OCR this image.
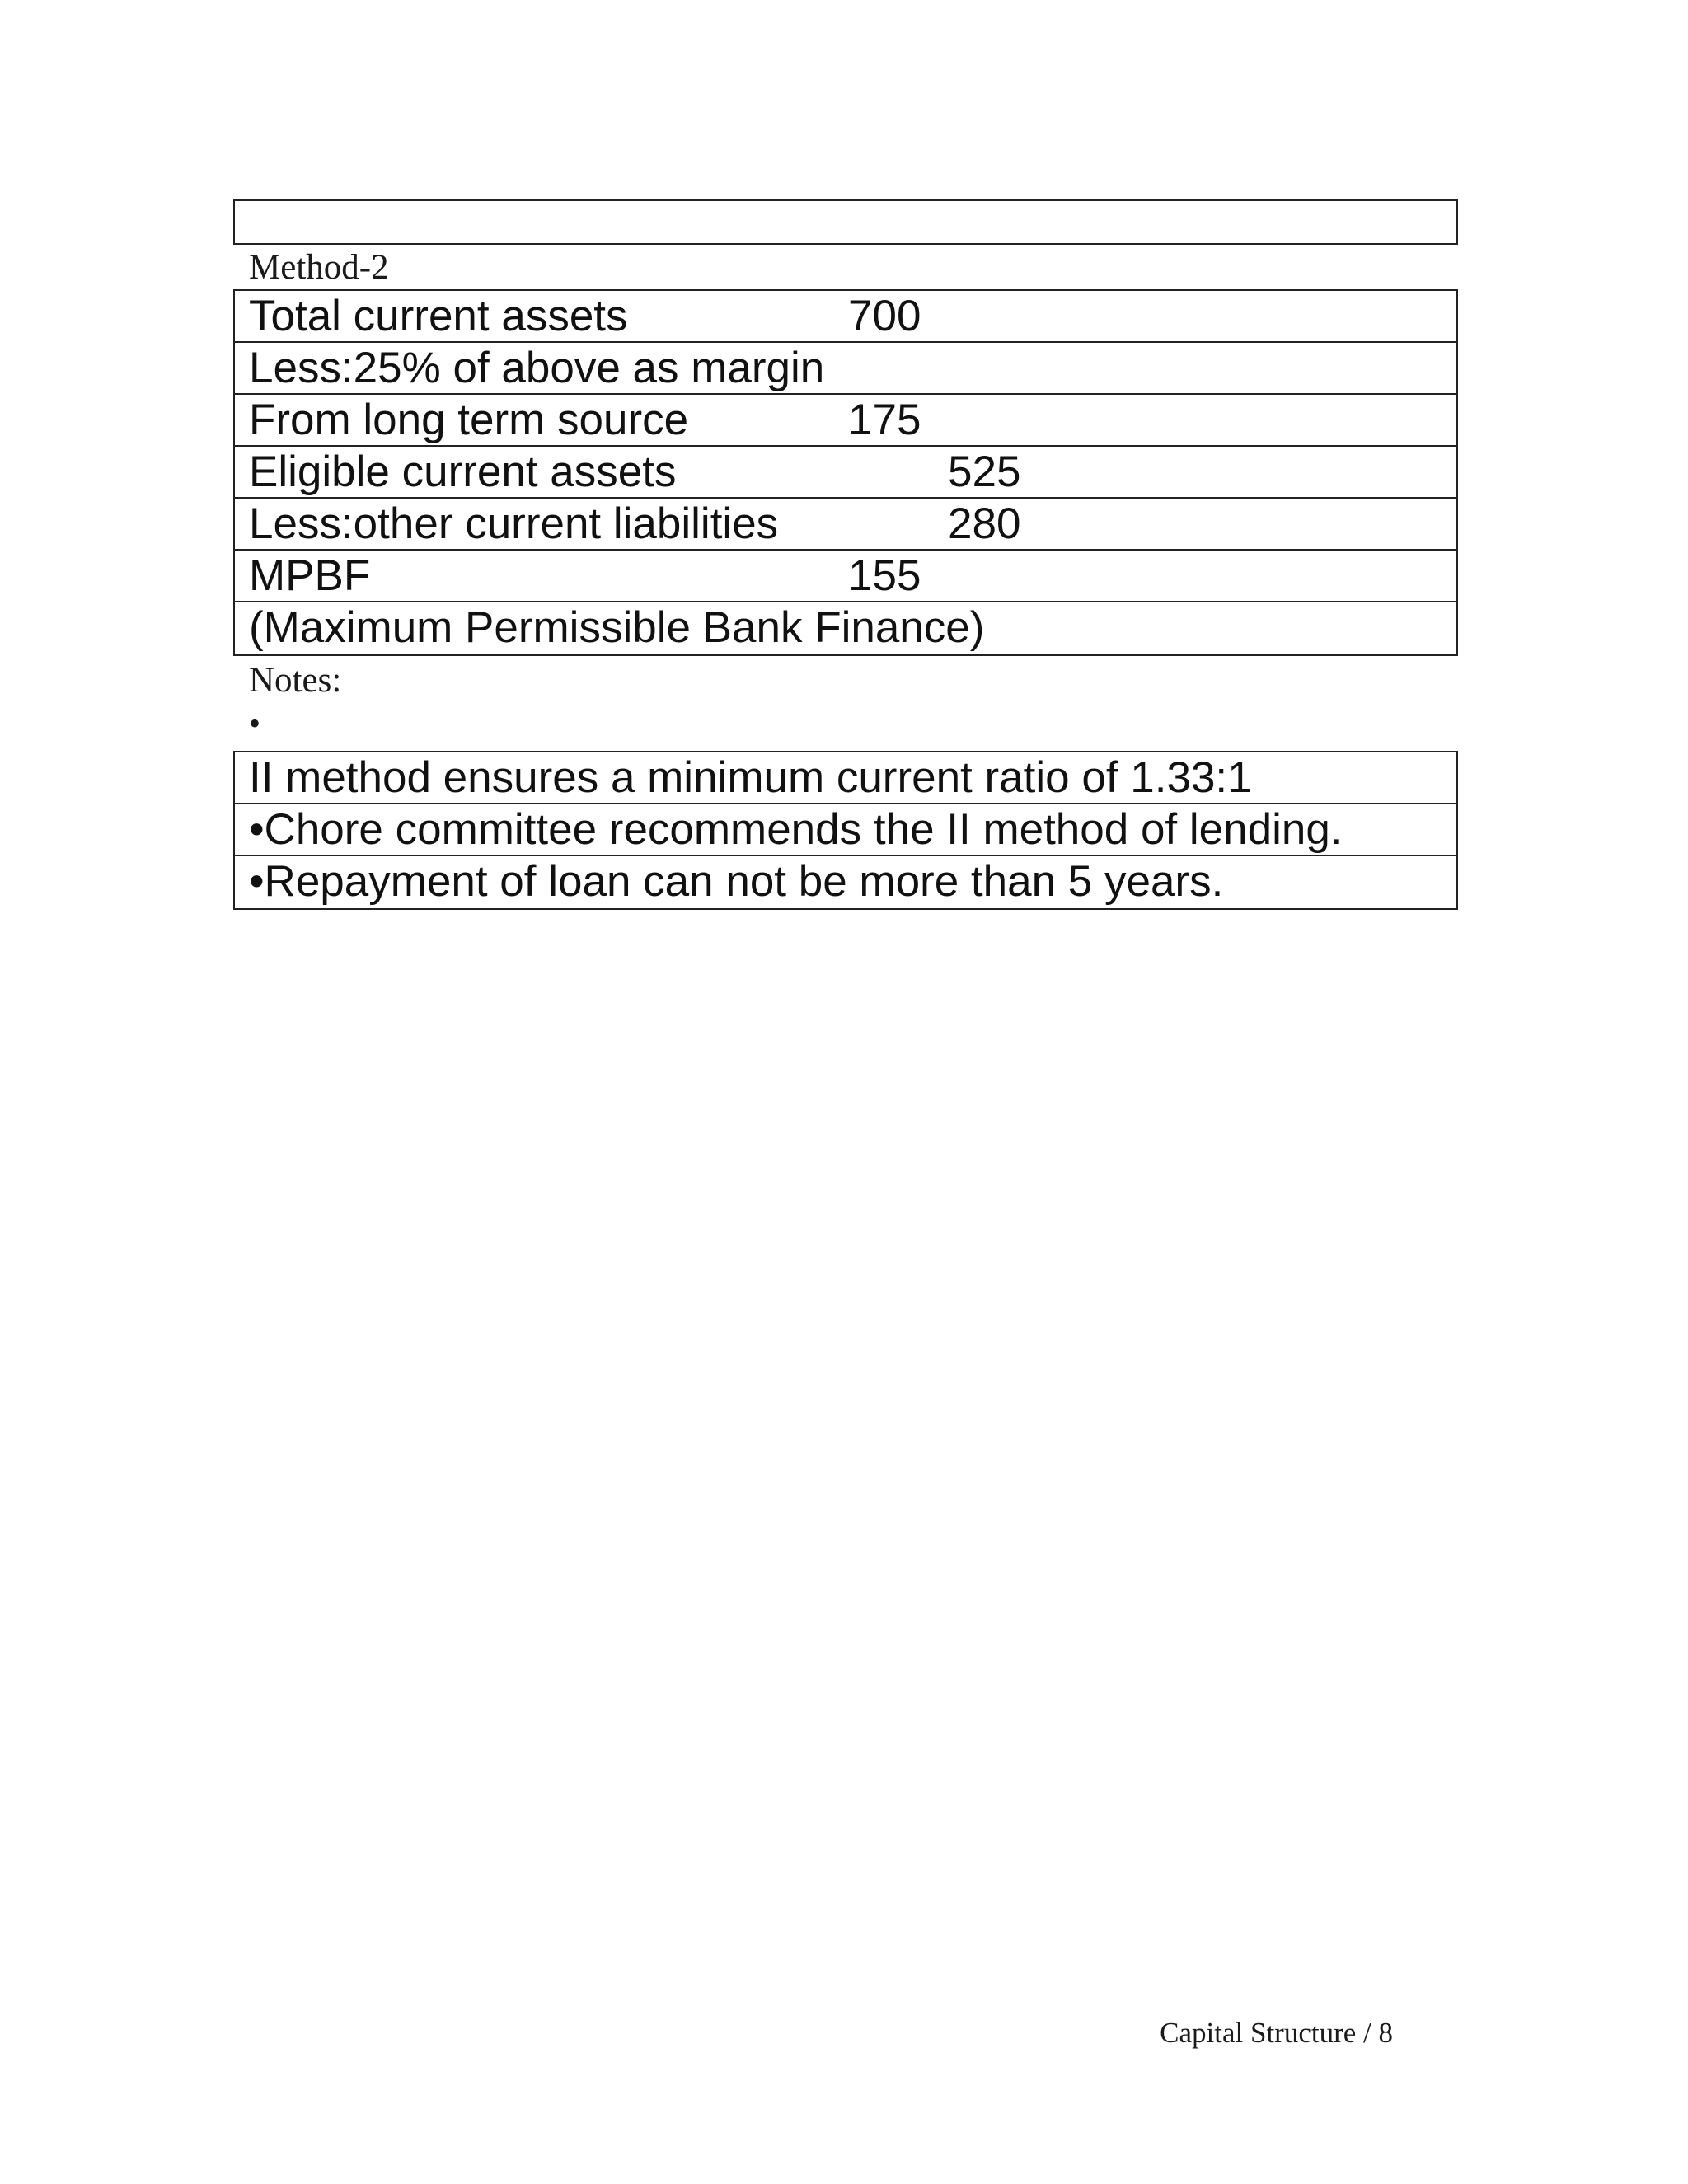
Method-2
Total current assets	700
Less:25% of above as margin
From long term source	175
Eligible current assets	525
Less:other current liabilities	280
MPBF	155
(Maximum Permissible Bank Finance)
Notes:
•
II method ensures a minimum current ratio of 1.33:1
•Chore committee recommends the II method of lending.
•Repayment of loan can not be more than 5 years.
Capital Structure / 8
